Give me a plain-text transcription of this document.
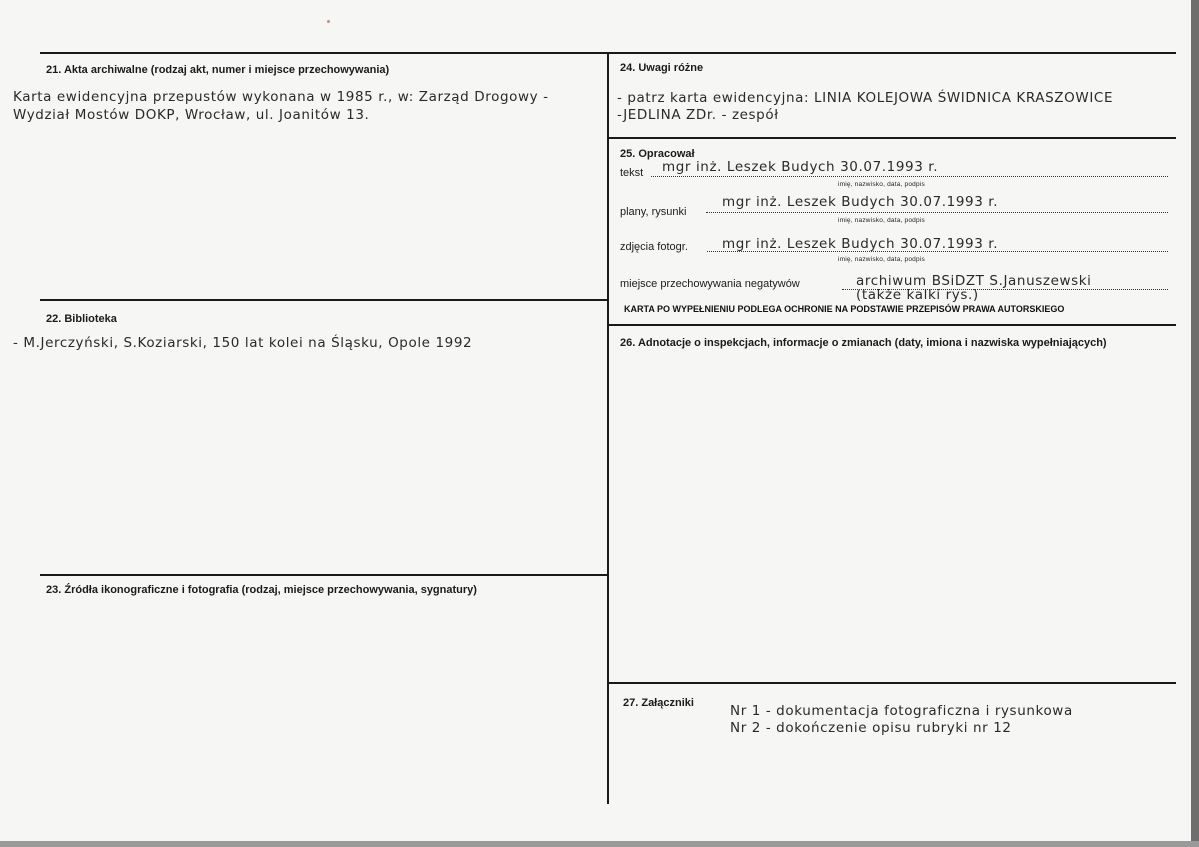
21. Akta archiwalne (rodzaj akt, numer i miejsce przechowywania)
Karta ewidencyjna przepustów wykonana w 1985 r., w: Zarząd Drogowy -
Wydział Mostów DOKP, Wrocław, ul. Joanitów 13.
22. Biblioteka
- M.Jerczyński, S.Koziarski, 150 lat kolei na Śląsku, Opole 1992
23. Źródła ikonograficzne i fotografia (rodzaj, miejsce przechowywania, sygnatury)
24. Uwagi różne
- patrz karta ewidencyjna: LINIA KOLEJOWA ŚWIDNICA KRASZOWICE
-JEDLINA ZDr. - zespół
25. Opracował
tekst mgr inż. Leszek Budych 30.07.1993 r.
imię, nazwisko, data, podpis
plany, rysunki
mgr inż. Leszek Budych 30.07.1993 r.
imię, nazwisko, data, podpis
zdjęcia fotogr.	mgr inż. Leszek Budych 30.07.1993 r.
imię, nazwisko, data, podpis
miejsce przechowywania negatywów	archiwum BSiDZT S.Januszewski
(także kalki rys.)
KARTA PO WYPEŁNIENIU PODLEGA OCHRONIE NA PODSTAWIE PRZEPISÓW PRAWA AUTORSKIEGO
26. Adnotacje o inspekcjach, informacje o zmianach (daty, imiona i nazwiska wypełniających)
27. Załączniki	Nr 1 - dokumentacja fotograficzna i rysunkowa
Nr 2 - dokończenie opisu rubryki nr 12
